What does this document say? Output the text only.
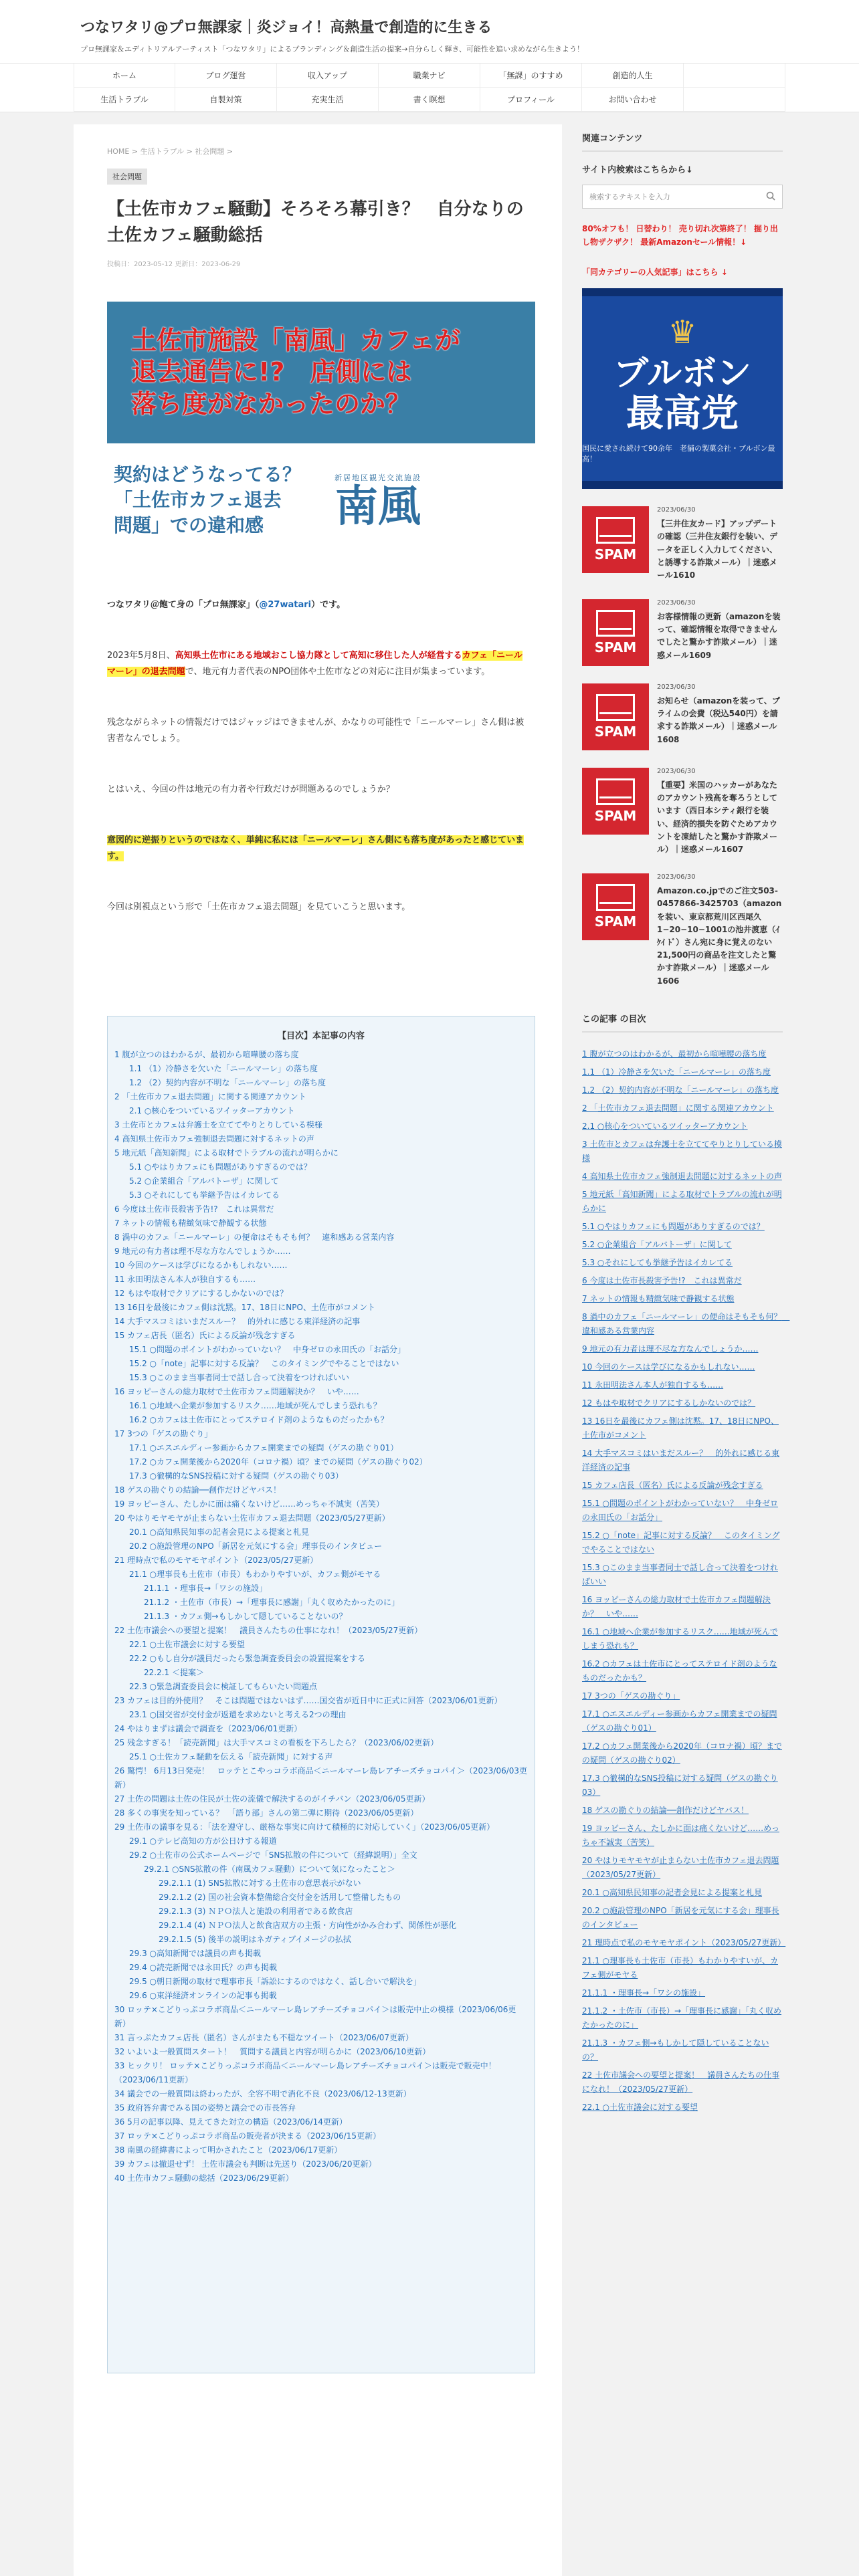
つなワタリ@プロ無課家｜炎ジョイ！高熱量で創造的に生きる
プロ無課家＆エディトリアルアーティスト「つなワタリ」によるブランディング＆創造生活の提案→自分らしく輝き、可能性を追い求めながら生きよう！
ホーム	ブログ運営	収入アップ	職業ナビ	「無課」のすすめ	創造的人生
生活トラブル	自製対策	充実生活	書く瞑想	プロフィール	お問い合わせ
HOME > 生活トラブル > 社会問題 >
社会問題
【土佐市カフェ騒動】そろそろ幕引き？　自分なりの土佐カフェ騒動総括
投稿日：2023-05-12 更新日：2023-06-29
土佐市施設「南風」カフェが
退去通告に!?　店側には
落ち度がなかったのか？
契約はどうなってる？
「土佐市カフェ退去
問題」での違和感
新居地区観光交流施設
南風

つなワタリ＠飽て身の「プロ無課家」（@27watari）です。

2023年5月8日、高知県土佐市にある地域おこし協力隊として高知に移住した人が経営するカフェ「ニールマーレ」の退去問題で、地元有力者代表のNPO団体や土佐市などの対応に注目が集まっています。

残念ながらネットの情報だけではジャッジはできませんが、かなりの可能性で「ニールマーレ」さん側は被害者なんでしょう。

とはいえ、今回の件は地元の有力者や行政だけが問題あるのでしょうか？

意図的に逆振りというのではなく、単純に私には「ニールマーレ」さん側にも落ち度があったと感じています。

今回は別視点という形で「土佐市カフェ退去問題」を見ていこうと思います。

【目次】本記事の内容
1 腹が立つのはわかるが、最初から喧嘩腰の落ち度
1.1 （1）冷静さを欠いた「ニールマーレ」の落ち度
1.2 （2）契約内容が不明な「ニールマーレ」の落ち度
2 「土佐市カフェ退去問題」に関する関連アカウント
2.1 ○核心をついているツイッターアカウント
3 土佐市とカフェは弁護士を立ててやりとりしている模様
4 高知県土佐市カフェ強制退去問題に対するネットの声
5 地元紙「高知新聞」による取材でトラブルの流れが明らかに
5.1 ○やはりカフェにも問題がありすぎるのでは？
5.2 ○企業組合「アルバトーザ」に関して
5.3 ○それにしても挙継予告はイカレてる
6 今度は土佐市長殺害予告!?　これは異常だ
7 ネットの情報も精緻気味で静観する状態
8 渦中のカフェ「ニールマーレ」の便命はそもそも何？　違和感ある営業内容
9 地元の有力者は理不尽な方なんでしょうか……
10 今回のケースは学びになるかもしれない……
11 永田明法さん本人が独自するも……
12 もはや取材でクリアにするしかないのでは？
13 16日を最後にカフェ側は沈黙。17、18日にNPO、土佐市がコメント
14 大手マスコミはいまだスルー？　的外れに感じる東洋経済の記事
15 カフェ店長（匿名）氏による反論が残念すぎる
15.1 ○問題のポイントがわかっていない？　中身ゼロの永田氏の「お話分」
15.2 ○「note」記事に対する反論？　このタイミングでやることではない
15.3 ○このまま当事者同士で話し合って決着をつければいい
16 ヨッピーさんの総力取材で土佐市カフェ問題解決か？　いや……
16.1 ○地域へ企業が参加するリスク……地域が死んでしまう恐れも？
16.2 ○カフェは土佐市にとってステロイド剤のようなものだったかも？
17 3つの「ゲスの勘ぐり」
17.1 ○エスエルディー参画からカフェ開業までの疑問（ゲスの勘ぐり01）
17.2 ○カフェ開業後から2020年（コロナ禍）頃？までの疑問（ゲスの勘ぐり02）
17.3 ○徹構的なSNS投稿に対する疑問（ゲスの勘ぐり03）
18 ゲスの勘ぐりの結論──創作だけどヤバス！
19 ヨッピーさん、たしかに面は痛くないけど……めっちゃ不誠実（苦笑）
20 やはりモヤモヤが止まらない土佐市カフェ退去問題（2023/05/27更新）
20.1 ○高知県民知事の記者会見による提案と札見
20.2 ○施設管理のNPO「新居を元気にする会」理事長のインタビュー
21 理時点で私のモヤモヤポイント（2023/05/27更新）
21.1 ○理事長も土佐市（市長）もわかりやすいが、カフェ側がモヤる
21.1.1 ・理事長→「ワシの施設」
21.1.2 ・土佐市（市長）→「理事長に感謝」「丸く収めたかったのに」
21.1.3 ・カフェ側→もしかして隠していることないの？
22 土佐市議会への要望と提案！　議員さんたちの仕事になれ！（2023/05/27更新）
22.1 ○土佐市議会に対する要望
22.2 ○もし自分が議員だったら緊急調査委員会の設置提案をする
22.2.1 ＜提案＞
22.3 ○緊急調査委員会に検証してもらいたい問題点
23 カフェは目的外使用？　そこは問題ではないはず……国交省が近日中に正式に回答（2023/06/01更新）
23.1 ○国交省が交付金が返還を求めないと考える2つの理由
24 やはりまずは議会で調査を（2023/06/01更新）
25 残念すぎる！「読売新聞」は大手マスコミの看板を下ろしたら？（2023/06/02更新）
25.1 ○土佐カフェ騒動を伝える「読売新聞」に対する声
26 驚愕！ 6月13日発売！　ロッテとこやっコラボ商品＜ニールマーレ島レアチーズチョコパイ＞（2023/06/03更新）
27 土佐の問題は土佐の住民が土佐の流儀で解決するのがイチバン（2023/06/05更新）
28 多くの事実を知っている？　「語り部」さんの第二弾に期待（2023/06/05更新）
29 土佐市の議事を見る：「法を遵守し、厳格な事実に向けて積極的に対応していく」（2023/06/05更新）
29.1 ○テレビ高知の方が公日けする報道
29.2 ○土佐市の公式ホームページで「SNS拡散の件について（経緯説明）」全文
29.2.1 ○SNS拡散の件（南風カフェ騒動）について気になったこと＞
29.2.1.1 (1) SNS拡散に対する土佐市の意思表示がない
29.2.1.2 (2) 国の社会資本整備総合交付金を活用して整備したもの
29.2.1.3 (3) ＮＰＯ法人と施設の利用者である飲食店
29.2.1.4 (4) ＮＰＯ法人と飲食店双方の主張・方向性がかみ合わず、関係性が悪化
29.2.1.5 (5) 後半の説明はネガティブイメージの払拭
29.3 ○高知新聞では議員の声も掲載
29.4 ○読売新聞では永田氏？の声も掲載
29.5 ○朝日新聞の取材で理事市長「訴訟にするのではなく、話し合いで解決を」
29.6 ○東洋経済オンラインの記事も掲載
30 ロッテ×こどりっぷコラボ商品＜ニールマーレ島レアチーズチョコパイ＞は販売中止の模様（2023/06/06更新）
31 言っぷたカフェ店長（匿名）さんがまたも不穏なツイート（2023/06/07更新）
32 いよいよ一般質問スタート！　質問する議員と内容が明らかに（2023/06/10更新）
33 ヒックリ！ ロッテ×こどりっぷコラボ商品＜ニールマーレ島レアチーズチョコパイ＞は販売で販売中！（2023/06/11更新）
34 議会での一般質問は終わったが、全容不明で消化不良（2023/06/12-13更新）
35 政府答弁書でみる国の姿勢と議会での市長答弁
36 5月の記事以降、見えてきた対立の構造（2023/06/14更新）
37 ロッテ×こどりっぷコラボ商品の販売者が決まる（2023/06/15更新）
38 南風の経緯書によって明かされたこと（2023/06/17更新）
39 カフェは撤退せず！ 土佐市議会も判断は先送り（2023/06/20更新）
40 土佐市カフェ騒動の総括（2023/06/29更新）
関連コンテンツ
サイト内検索はこちらから↓
検索するテキストを入力
80%オフも！ 日替わり！ 売り切れ次第終了！ 掘り出し物ザクザク！ 最新Amazonセール情報！↓
「同カテゴリーの人気記事」はこちら ↓
♛
ブルボン
最高党
国民に愛され続けて90余年　老舗の製菓会社・ブルボン最高！
SPAM
2023/06/30
【三井住友カード】アップデートの確認（三井住友銀行を装い、データを正しく入力してください、と誘導する詐欺メール）｜迷惑メール1610
SPAM
2023/06/30
お客様情報の更新（amazonを装って、確認情報を取得できませんでしたと驚かす詐欺メール）｜迷惑メール1609
SPAM
2023/06/30
お知らせ（amazonを装って、プライムの会費（税込540円）を請求する詐欺メール）｜迷惑メール1608
SPAM
2023/06/30
【重要】米国のハッカーがあなたのアカウント残高を奪ろうとしています（西日本シティ銀行を装い、経済的損失を防ぐためアカウントを凍結したと驚かす詐欺メール）｜迷惑メール1607
SPAM
2023/06/30
Amazon.co.jpでのご注文503-0457866-3425703（amazonを装い、東京都荒川区西尾久1−20−10−1001の池井渡恵（ｲｹｲ ﾄﾞ）さん宛に身に覚えのない21,500円の商品を注文したと驚かす詐欺メール）｜迷惑メール1606
この記事 の目次
1 腹が立つのはわかるが、最初から喧嘩腰の落ち度
1.1 （1）冷静さを欠いた「ニールマーレ」の落ち度
1.2 （2）契約内容が不明な「ニールマーレ」の落ち度
2 「土佐市カフェ退去問題」に関する関連アカウント
2.1 ○核心をついているツイッターアカウント
3 土佐市とカフェは弁護士を立ててやりとりしている模様
4 高知県土佐市カフェ強制退去問題に対するネットの声
5 地元紙「高知新聞」による取材でトラブルの流れが明らかに
5.1 ○やはりカフェにも問題がありすぎるのでは？
5.2 ○企業組合「アルバトーザ」に関して
5.3 ○それにしても挙継予告はイカレてる
6 今度は土佐市長殺害予告!?　これは異常だ
7 ネットの情報も精緻気味で静観する状態
8 渦中のカフェ「ニールマーレ」の便命はそもそも何？　違和感ある営業内容
9 地元の有力者は理不尽な方なんでしょうか……
10 今回のケースは学びになるかもしれない……
11 永田明法さん本人が独自するも……
12 もはや取材でクリアにするしかないのでは？
13 16日を最後にカフェ側は沈黙。17、18日にNPO、土佐市がコメント
14 大手マスコミはいまだスルー？　的外れに感じる東洋経済の記事
15 カフェ店長（匿名）氏による反論が残念すぎる
15.1 ○問題のポイントがわかっていない？　中身ゼロの永田氏の「お話分」
15.2 ○「note」記事に対する反論？　このタイミングでやることではない
15.3 ○このまま当事者同士で話し合って決着をつければいい
16 ヨッピーさんの総力取材で土佐市カフェ問題解決か？　いや……
16.1 ○地域へ企業が参加するリスク……地域が死んでしまう恐れも？
16.2 ○カフェは土佐市にとってステロイド剤のようなものだったかも？
17 3つの「ゲスの勘ぐり」
17.1 ○エスエルディー参画からカフェ開業までの疑問（ゲスの勘ぐり01）
17.2 ○カフェ開業後から2020年（コロナ禍）頃？までの疑問（ゲスの勘ぐり02）
17.3 ○徹構的なSNS投稿に対する疑問（ゲスの勘ぐり03）
18 ゲスの勘ぐりの結論──創作だけどヤバス！
19 ヨッピーさん、たしかに面は痛くないけど……めっちゃ不誠実（苦笑）
20 やはりモヤモヤが止まらない土佐市カフェ退去問題（2023/05/27更新）
20.1 ○高知県民知事の記者会見による提案と札見
20.2 ○施設管理のNPO「新居を元気にする会」理事長のインタビュー
21 理時点で私のモヤモヤポイント（2023/05/27更新）
21.1 ○理事長も土佐市（市長）もわかりやすいが、カフェ側がモヤる
21.1.1 ・理事長→「ワシの施設」
21.1.2 ・土佐市（市長）→「理事長に感謝」「丸く収めたかったのに」
21.1.3 ・カフェ側→もしかして隠していることないの？
22 土佐市議会への要望と提案！　議員さんたちの仕事になれ！（2023/05/27更新）
22.1 ○土佐市議会に対する要望
